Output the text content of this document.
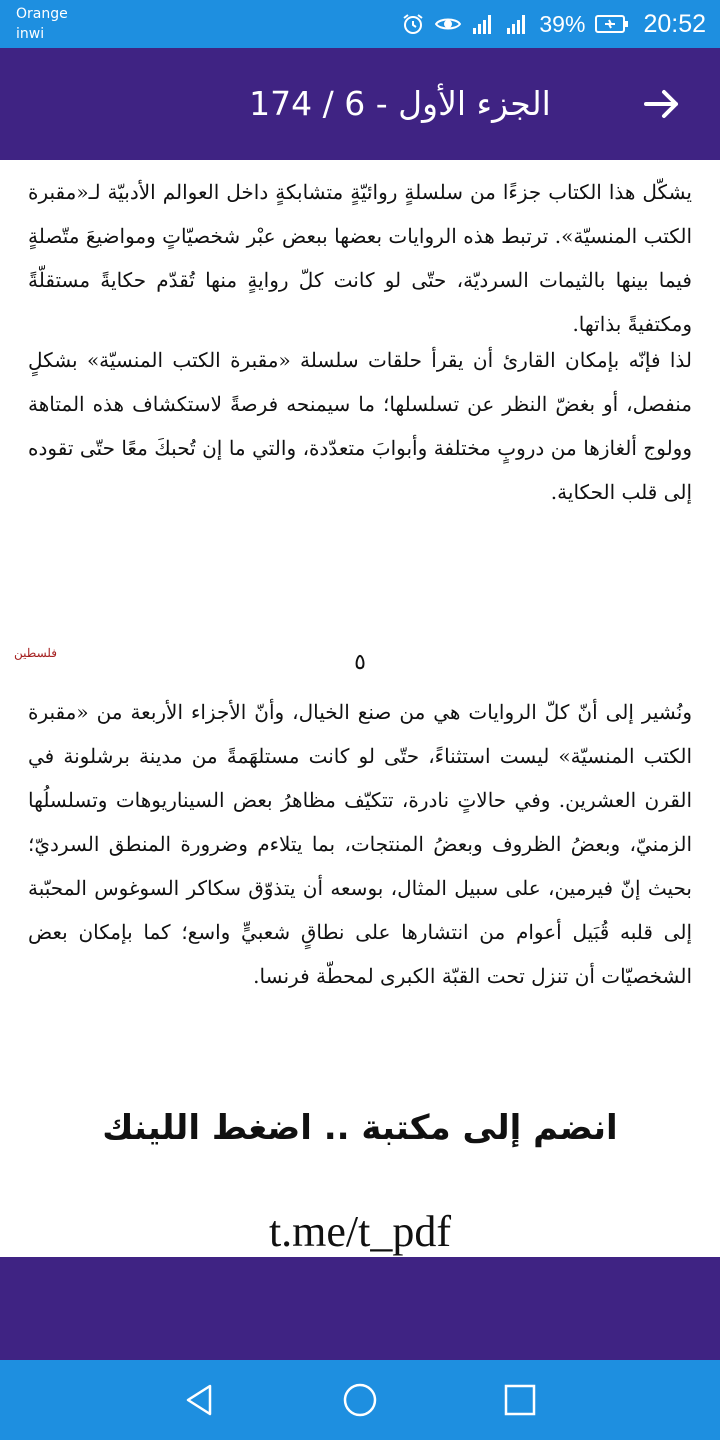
Orange
inwi	39% 20:52
الجزء الأول - 6 / 174

يشكّل هذا الكتاب جزءًا من سلسلةٍ روائيّةٍ متشابكةٍ داخل العوالم الأدبيّة لـ«مقبرة الكتب المنسيّة». ترتبط هذه الروايات بعضها ببعض عبْر شخصيّاتٍ ومواضيعَ متّصلةٍ فيما بينها بالثيمات السرديّة، حتّى لو كانت كلّ روايةٍ منها تُقدّم حكايةً مستقلّةً ومكتفيةً بذاتها.

لذا فإنّه بإمكان القارئ أن يقرأ حلقات سلسلة «مقبرة الكتب المنسيّة» بشكلٍ منفصل، أو بغضّ النظر عن تسلسلها؛ ما سيمنحه فرصةً لاستكشاف هذه المتاهة وولوج ألغازها من دروبٍ مختلفة وأبوابَ متعدّدة، والتي ما إن تُحبكَ معًا حتّى تقوده إلى قلب الحكاية.

فلسطين	٥

ونُشير إلى أنّ كلّ الروايات هي من صنع الخيال، وأنّ الأجزاء الأربعة من «مقبرة الكتب المنسيّة» ليست استثناءً، حتّى لو كانت مستلهَمةً من مدينة برشلونة في القرن العشرين. وفي حالاتٍ نادرة، تتكيّف مظاهرُ بعض السيناريوهات وتسلسلُها الزمنيّ، وبعضُ الظروف وبعضُ المنتجات، بما يتلاءم وضرورة المنطق السرديّ؛ بحيث إنّ فيرمين، على سبيل المثال، بوسعه أن يتذوّق سكاكر السوغوس المحبّبة إلى قلبه قُبَيل أعوام من انتشارها على نطاقٍ شعبيٍّ واسع؛ كما بإمكان بعض الشخصيّات أن تنزل تحت القبّة الكبرى لمحطّة فرنسا.

انضم إلى مكتبة .. اضغط اللينك
t.me/t_pdf
